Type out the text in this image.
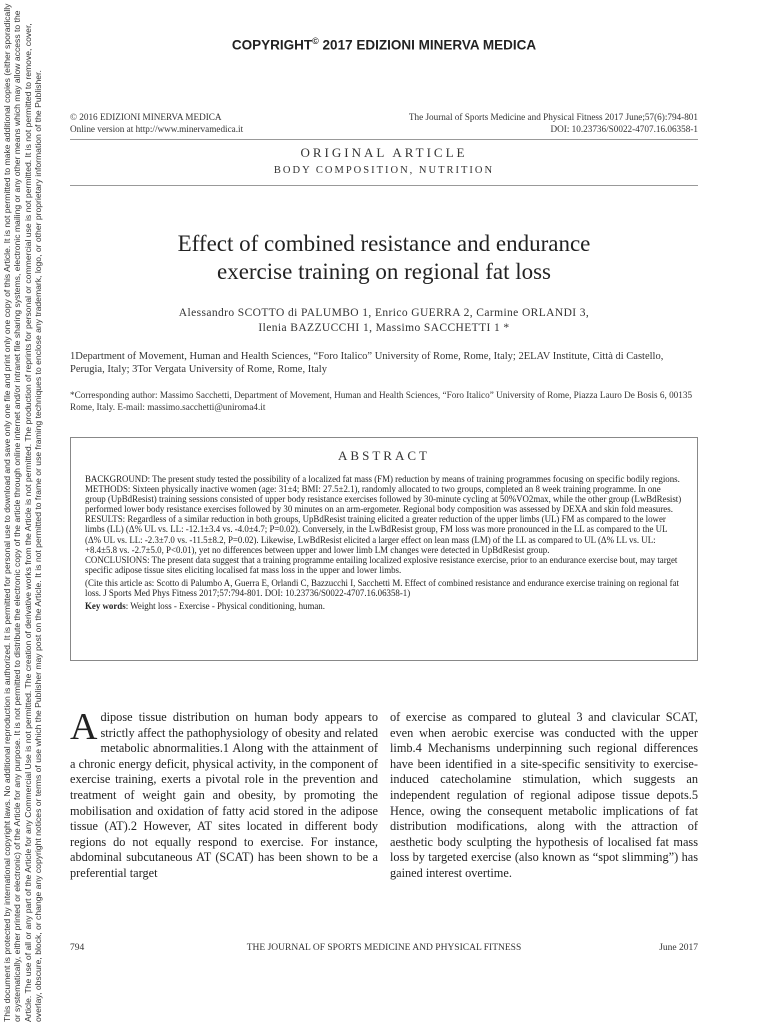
This document is protected by international copyright laws. No additional reproduction is authorized. It is permitted for personal use to download and save only one file and print only one copy of this Article. It is not permitted to make additional copies (either sporadically or systematically, either printed or electronic) of the Article for any purpose. It is not permitted to distribute the electronic copy of the article through online internet and/or intranet file sharing systems, electronic mailing or any other means which may allow access to the Article. The use of all or any part of the Article for any Commercial Use is not permitted. The creation of derivative works from the Article is not permitted. The production of reprints for personal or commercial use is not permitted. It is not permitted to remove, cover, overlay, obscure, block, or change any copyright notices or terms of use which the Publisher may post on the Article. It is not permitted to frame or use framing techniques to enclose any trademark, logo, or other proprietary information of the Publisher.
COPYRIGHT© 2017 EDIZIONI MINERVA MEDICA
© 2016 EDIZIONI MINERVA MEDICA
Online version at http://www.minervamedica.it
The Journal of Sports Medicine and Physical Fitness 2017 June;57(6):794-801
DOI: 10.23736/S0022-4707.16.06358-1
ORIGINAL ARTICLE
BODY COMPOSITION, NUTRITION
Effect of combined resistance and endurance
exercise training on regional fat loss
Alessandro SCOTTO di PALUMBO 1, Enrico GUERRA 2, Carmine ORLANDI 3,
Ilenia BAZZUCCHI 1, Massimo SACCHETTI 1 *
1Department of Movement, Human and Health Sciences, “Foro Italico” University of Rome, Rome, Italy; 2ELAV Institute, Città di Castello, Perugia, Italy; 3Tor Vergata University of Rome, Rome, Italy
*Corresponding author: Massimo Sacchetti, Department of Movement, Human and Health Sciences, “Foro Italico” University of Rome, Piazza Lauro De Bosis 6, 00135 Rome, Italy. E-mail: massimo.sacchetti@uniroma4.it
ABSTRACT

BACKGROUND: The present study tested the possibility of a localized fat mass (FM) reduction by means of training programmes focusing on specific bodily regions.

METHODS: Sixteen physically inactive women (age: 31±4; BMI: 27.5±2.1), randomly allocated to two groups, completed an 8 week training programme. In one group (UpBdResist) training sessions consisted of upper body resistance exercises followed by 30-minute cycling at 50%VO2max, while the other group (LwBdResist) performed lower body resistance exercises followed by 30 minutes on an arm-ergometer. Regional body composition was assessed by DEXA and skin fold measures.

RESULTS: Regardless of a similar reduction in both groups, UpBdResist training elicited a greater reduction of the upper limbs (UL) FM as compared to the lower limbs (LL) (Δ% UL vs. LL: -12.1±3.4 vs. -4.0±4.7; P=0.02). Conversely, in the LwBdResist group, FM loss was more pronounced in the LL as compared to the UL (Δ% UL vs. LL: -2.3±7.0 vs. -11.5±8.2, P=0.02). Likewise, LwBdResist elicited a larger effect on lean mass (LM) of the LL as compared to UL (Δ% LL vs. UL: +8.4±5.8 vs. -2.7±5.0, P<0.01), yet no differences between upper and lower limb LM changes were detected in UpBdResist group.

CONCLUSIONS: The present data suggest that a training programme entailing localized explosive resistance exercise, prior to an endurance exercise bout, may target specific adipose tissue sites eliciting localised fat mass loss in the upper and lower limbs.

(Cite this article as: Scotto di Palumbo A, Guerra E, Orlandi C, Bazzucchi I, Sacchetti M. Effect of combined resistance and endurance exercise training on regional fat loss. J Sports Med Phys Fitness 2017;57:794-801. DOI: 10.23736/S0022-4707.16.06358-1)

Key words: Weight loss - Exercise - Physical conditioning, human.

Adipose tissue distribution on human body appears to strictly affect the pathophysiology of obesity and related metabolic abnormalities.1 Along with the attainment of a chronic energy deficit, physical activity, in the component of exercise training, exerts a pivotal role in the prevention and treatment of weight gain and obesity, by promoting the mobilisation and oxidation of fatty acid stored in the adipose tissue (AT).2 However, AT sites located in different body regions do not equally respond to exercise. For instance, abdominal subcutaneous AT (SCAT) has been shown to be a preferential target
of exercise as compared to gluteal 3 and clavicular SCAT, even when aerobic exercise was conducted with the upper limb.4 Mechanisms underpinning such regional differences have been identified in a site-specific sensitivity to exercise-induced catecholamine stimulation, which suggests an independent regulation of regional adipose tissue depots.5 Hence, owing the consequent metabolic implications of fat distribution modifications, along with the attraction of aesthetic body sculpting the hypothesis of localised fat mass loss by targeted exercise (also known as “spot slimming”) has gained interest overtime.
794	THE JOURNAL OF SPORTS MEDICINE AND PHYSICAL FITNESS	June 2017
